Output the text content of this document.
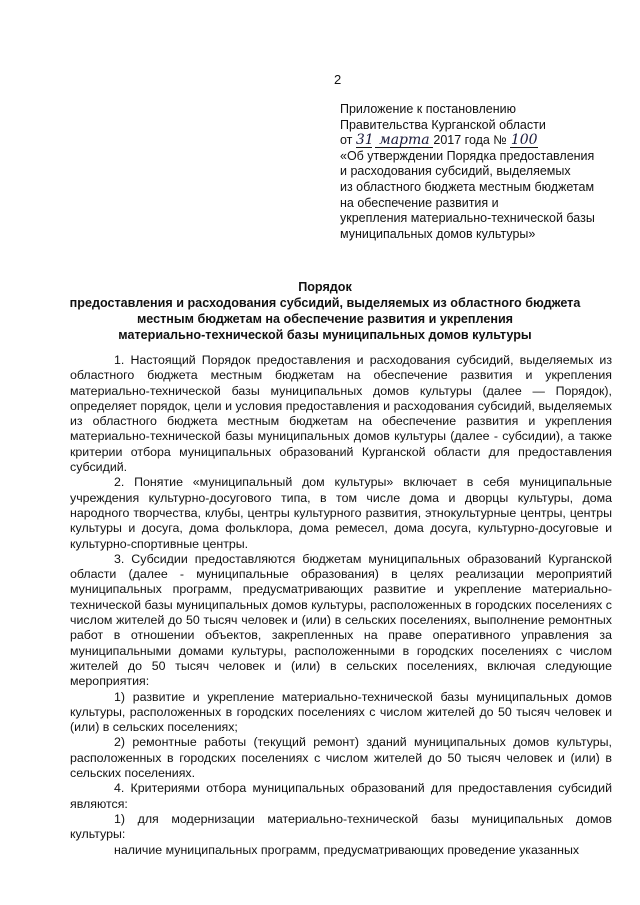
2
Приложение к постановлению
Правительства Курганской области
от 31 марта 2017 года № 100
«Об утверждении Порядка предоставления
и расходования субсидий, выделяемых
из областного бюджета местным бюджетам
на обеспечение развития и
укрепления материально-технической базы
муниципальных домов культуры»
Порядок
предоставления и расходования субсидий, выделяемых из областного бюджета
местным бюджетам на обеспечение развития и укрепления
материально-технической базы муниципальных домов культуры

1. Настоящий Порядок предоставления и расходования субсидий, выделяемых из областного бюджета местным бюджетам на обеспечение развития и укрепления материально-технической базы муниципальных домов культуры (далее — Порядок), определяет порядок, цели и условия предоставления и расходования субсидий, выделяемых из областного бюджета местным бюджетам на обеспечение развития и укрепления материально-технической базы муниципальных домов культуры (далее - субсидии), а также критерии отбора муниципальных образований Курганской области для предоставления субсидий.

2. Понятие «муниципальный дом культуры» включает в себя муниципальные учреждения культурно-досугового типа, в том числе дома и дворцы культуры, дома народного творчества, клубы, центры культурного развития, этнокультурные центры, центры культуры и досуга, дома фольклора, дома ремесел, дома досуга, культурно-досуговые и культурно-спортивные центры.

3. Субсидии предоставляются бюджетам муниципальных образований Курганской области (далее - муниципальные образования) в целях реализации мероприятий муниципальных программ, предусматривающих развитие и укрепление материально-технической базы муниципальных домов культуры, расположенных в городских поселениях с числом жителей до 50 тысяч человек и (или) в сельских поселениях, выполнение ремонтных работ в отношении объектов, закрепленных на праве оперативного управления за муниципальными домами культуры, расположенными в городских поселениях с числом жителей до 50 тысяч человек и (или) в сельских поселениях, включая следующие мероприятия:

1) развитие и укрепление материально-технической базы муниципальных домов культуры, расположенных в городских поселениях с числом жителей до 50 тысяч человек и (или) в сельских поселениях;

2) ремонтные работы (текущий ремонт) зданий муниципальных домов культуры, расположенных в городских поселениях с числом жителей до 50 тысяч человек и (или) в сельских поселениях.

4. Критериями отбора муниципальных образований для предоставления субсидий являются:

1) для модернизации материально-технической базы муниципальных домов культуры:

наличие муниципальных программ, предусматривающих проведение указанных
